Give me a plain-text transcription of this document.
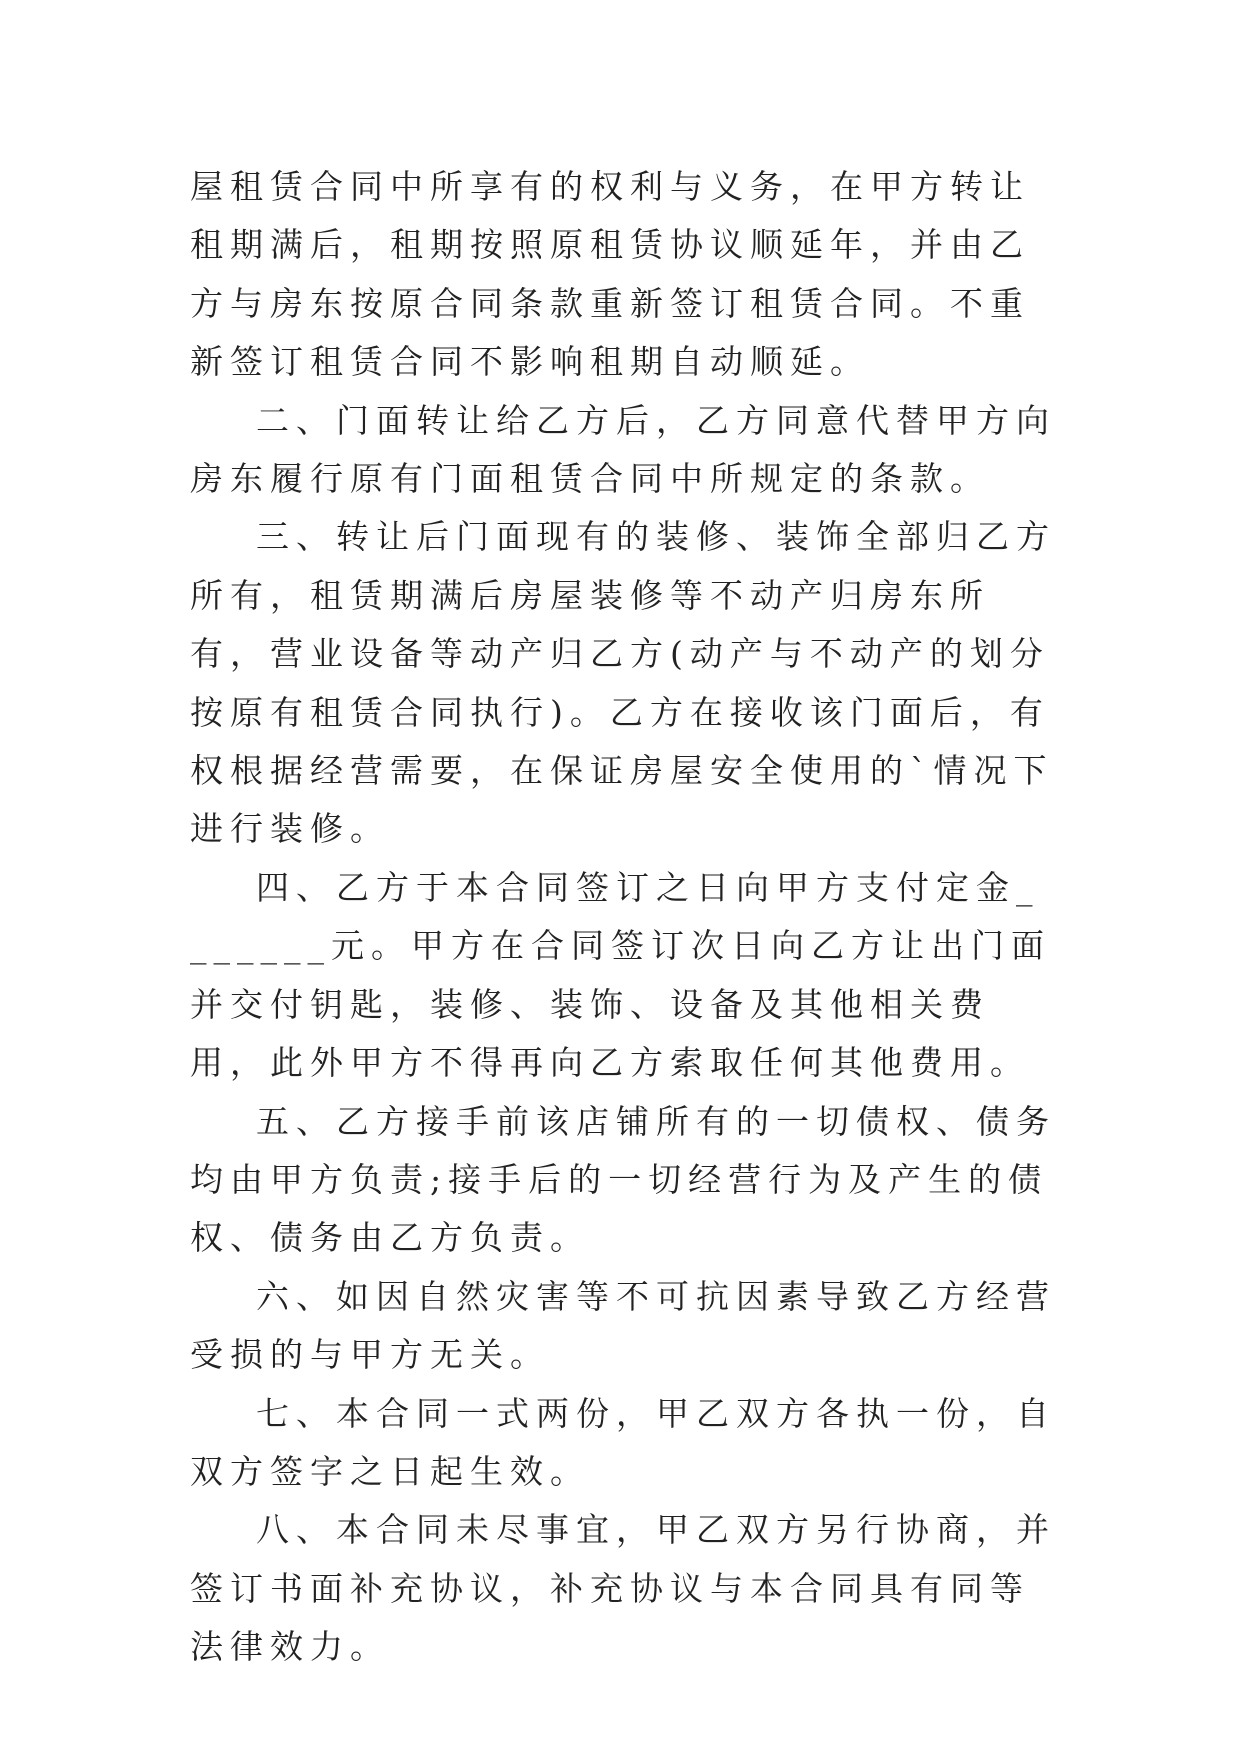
屋租赁合同中所享有的权利与义务，在甲方转让租期满后，租期按照原租赁协议顺延年，并由乙方与房东按原合同条款重新签订租赁合同。不重新签订租赁合同不影响租期自动顺延。

二、门面转让给乙方后，乙方同意代替甲方向房东履行原有门面租赁合同中所规定的条款。

三、转让后门面现有的装修、装饰全部归乙方所有，租赁期满后房屋装修等不动产归房东所有，营业设备等动产归乙方(动产与不动产的划分按原有租赁合同执行)。乙方在接收该门面后，有权根据经营需要，在保证房屋安全使用的`情况下进行装修。

四、乙方于本合同签订之日向甲方支付定金_______元。甲方在合同签订次日向乙方让出门面并交付钥匙，装修、装饰、设备及其他相关费用，此外甲方不得再向乙方索取任何其他费用。

五、乙方接手前该店铺所有的一切债权、债务均由甲方负责;接手后的一切经营行为及产生的债权、债务由乙方负责。

六、如因自然灾害等不可抗因素导致乙方经营受损的与甲方无关。

七、本合同一式两份，甲乙双方各执一份，自双方签字之日起生效。

八、本合同未尽事宜，甲乙双方另行协商，并签订书面补充协议，补充协议与本合同具有同等法律效力。
